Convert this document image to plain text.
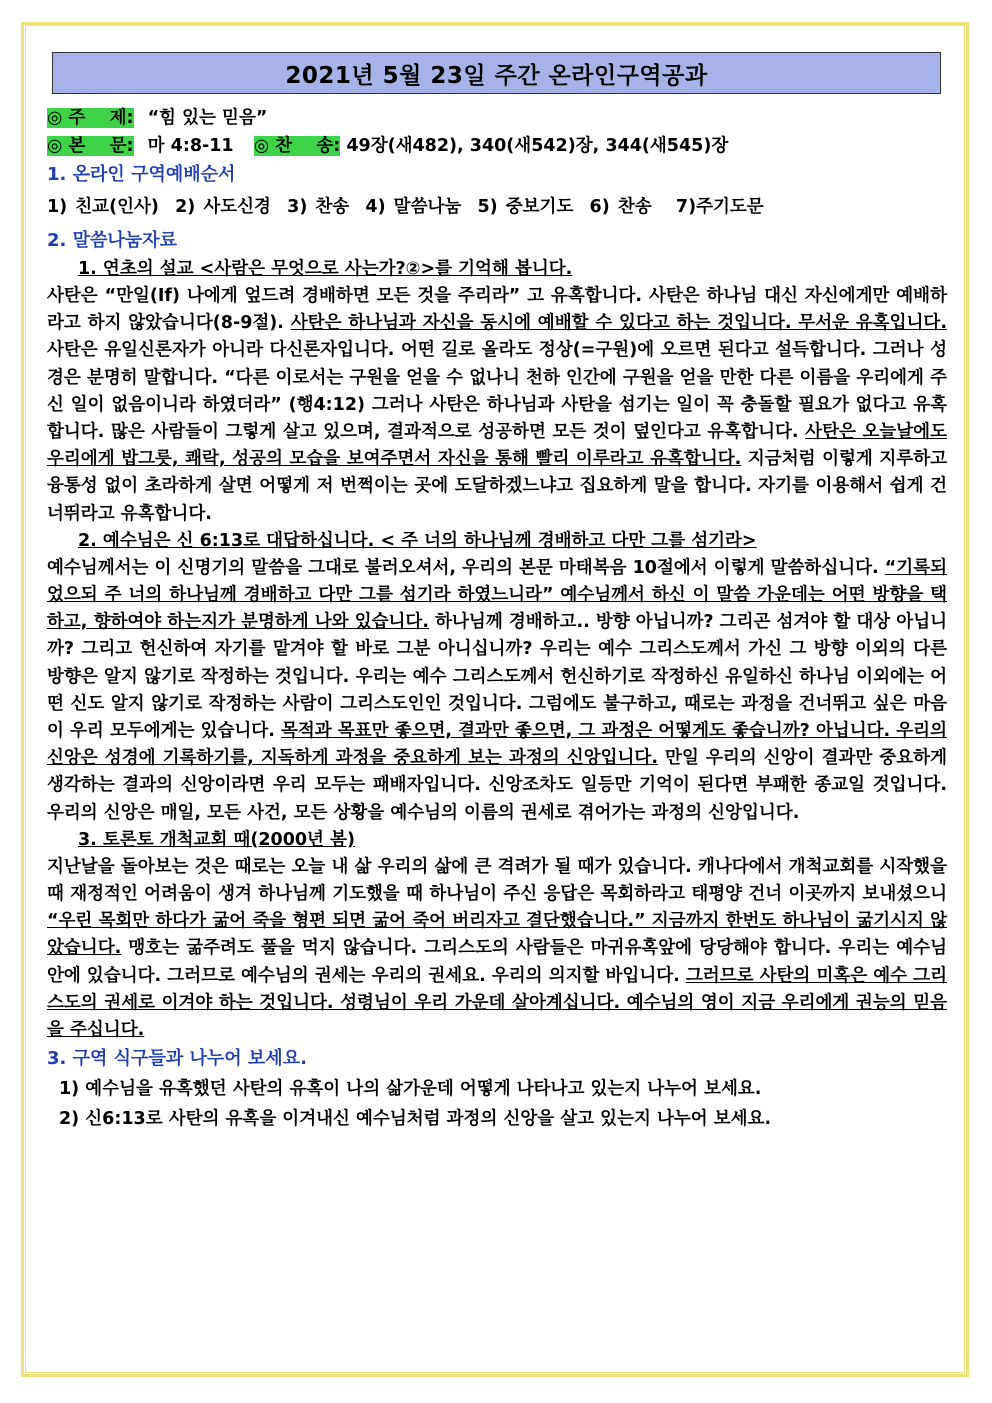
2021년 5월 23일 주간 온라인구역공과
◎ 주    제: “힘 있는 믿음”
◎ 본    문: 마 4:8-11 ◎ 찬    송: 49장(새482), 340(새542)장, 344(새545)장
1. 온라인 구역예배순서
1) 친교(인사)  2) 사도신경  3) 찬송  4) 말씀나눔  5) 중보기도  6) 찬송   7)주기도문
2. 말씀나눔자료
1. 연초의 설교 <사람은 무엇으로 사는가?②>를 기억해 봅니다.

사탄은 “만일(If) 나에게 엎드려 경배하면 모든 것을 주리라” 고 유혹합니다. 사탄은 하나님 대신 자신에게만 예배하라고 하지 않았습니다(8-9절). 사탄은 하나님과 자신을 동시에 예배할 수 있다고 하는 것입니다. 무서운 유혹입니다. 사탄은 유일신론자가 아니라 다신론자입니다. 어떤 길로 올라도 정상(=구원)에 오르면 된다고 설득합니다. 그러나 성경은 분명히 말합니다. “다른 이로서는 구원을 얻을 수 없나니 천하 인간에 구원을 얻을 만한 다른 이름을 우리에게 주신 일이 없음이니라 하였더라” (행4:12) 그러나 사탄은 하나님과 사탄을 섬기는 일이 꼭 충돌할 필요가 없다고 유혹합니다. 많은 사람들이 그렇게 살고 있으며, 결과적으로 성공하면 모든 것이 덮인다고 유혹합니다. 사탄은 오늘날에도 우리에게 밥그릇, 쾌락, 성공의 모습을 보여주면서 자신을 통해 빨리 이루라고 유혹합니다. 지금처럼 이렇게 지루하고 융통성 없이 초라하게 살면 어떻게 저 번쩍이는 곳에 도달하겠느냐고 집요하게 말을 합니다. 자기를 이용해서 쉽게 건너뛰라고 유혹합니다.

2. 예수님은 신 6:13로 대답하십니다. < 주 너의 하나님께 경배하고 다만 그를 섬기라>

예수님께서는 이 신명기의 말씀을 그대로 불러오셔서, 우리의 본문 마태복음 10절에서 이렇게 말씀하십니다. “기록되었으되 주 너의 하나님께 경배하고 다만 그를 섬기라 하였느니라” 예수님께서 하신 이 말씀 가운데는 어떤 방향을 택하고, 향하여야 하는지가 분명하게 나와 있습니다. 하나님께 경배하고.. 방향 아닙니까? 그리곤 섬겨야 할 대상 아닙니까? 그리고 헌신하여 자기를 맡겨야 할 바로 그분 아니십니까? 우리는 예수 그리스도께서 가신 그 방향 이외의 다른 방향은 알지 않기로 작정하는 것입니다. 우리는 예수 그리스도께서 헌신하기로 작정하신 유일하신 하나님 이외에는 어떤 신도 알지 않기로 작정하는 사람이 그리스도인인 것입니다. 그럼에도 불구하고, 때로는 과정을 건너뛰고 싶은 마음이 우리 모두에게는 있습니다. 목적과 목표만 좋으면, 결과만 좋으면, 그 과정은 어떻게도 좋습니까? 아닙니다. 우리의 신앙은 성경에 기록하기를, 지독하게 과정을 중요하게 보는 과정의 신앙입니다. 만일 우리의 신앙이 결과만 중요하게 생각하는 결과의 신앙이라면 우리 모두는 패배자입니다. 신앙조차도 일등만 기억이 된다면 부패한 종교일 것입니다. 우리의 신앙은 매일, 모든 사건, 모든 상황을 예수님의 이름의 권세로 겪어가는 과정의 신앙입니다.

3. 토론토 개척교회 때(2000년 봄)

지난날을 돌아보는 것은 때로는 오늘 내 삶 우리의 삶에 큰 격려가 될 때가 있습니다. 캐나다에서 개척교회를 시작했을 때 재정적인 어려움이 생겨 하나님께 기도했을 때 하나님이 주신 응답은 목회하라고 태평양 건너 이곳까지 보내셨으니 “우린 목회만 하다가 굶어 죽을 형편 되면 굶어 죽어 버리자고 결단했습니다.” 지금까지 한번도 하나님이 굶기시지 않았습니다. 맹호는 굶주려도 풀을 먹지 않습니다. 그리스도의 사람들은 마귀유혹앞에 당당해야 합니다. 우리는 예수님 안에 있습니다. 그러므로 예수님의 권세는 우리의 권세요. 우리의 의지할 바입니다. 그러므로 사탄의 미혹은 예수 그리스도의 권세로 이겨야 하는 것입니다. 성령님이 우리 가운데 살아계십니다. 예수님의 영이 지금 우리에게 권능의 믿음을 주십니다.

3. 구역 식구들과 나누어 보세요.
1) 예수님을 유혹했던 사탄의 유혹이 나의 삶가운데 어떻게 나타나고 있는지 나누어 보세요.
2) 신6:13로 사탄의 유혹을 이겨내신 예수님처럼 과정의 신앙을 살고 있는지 나누어 보세요.
